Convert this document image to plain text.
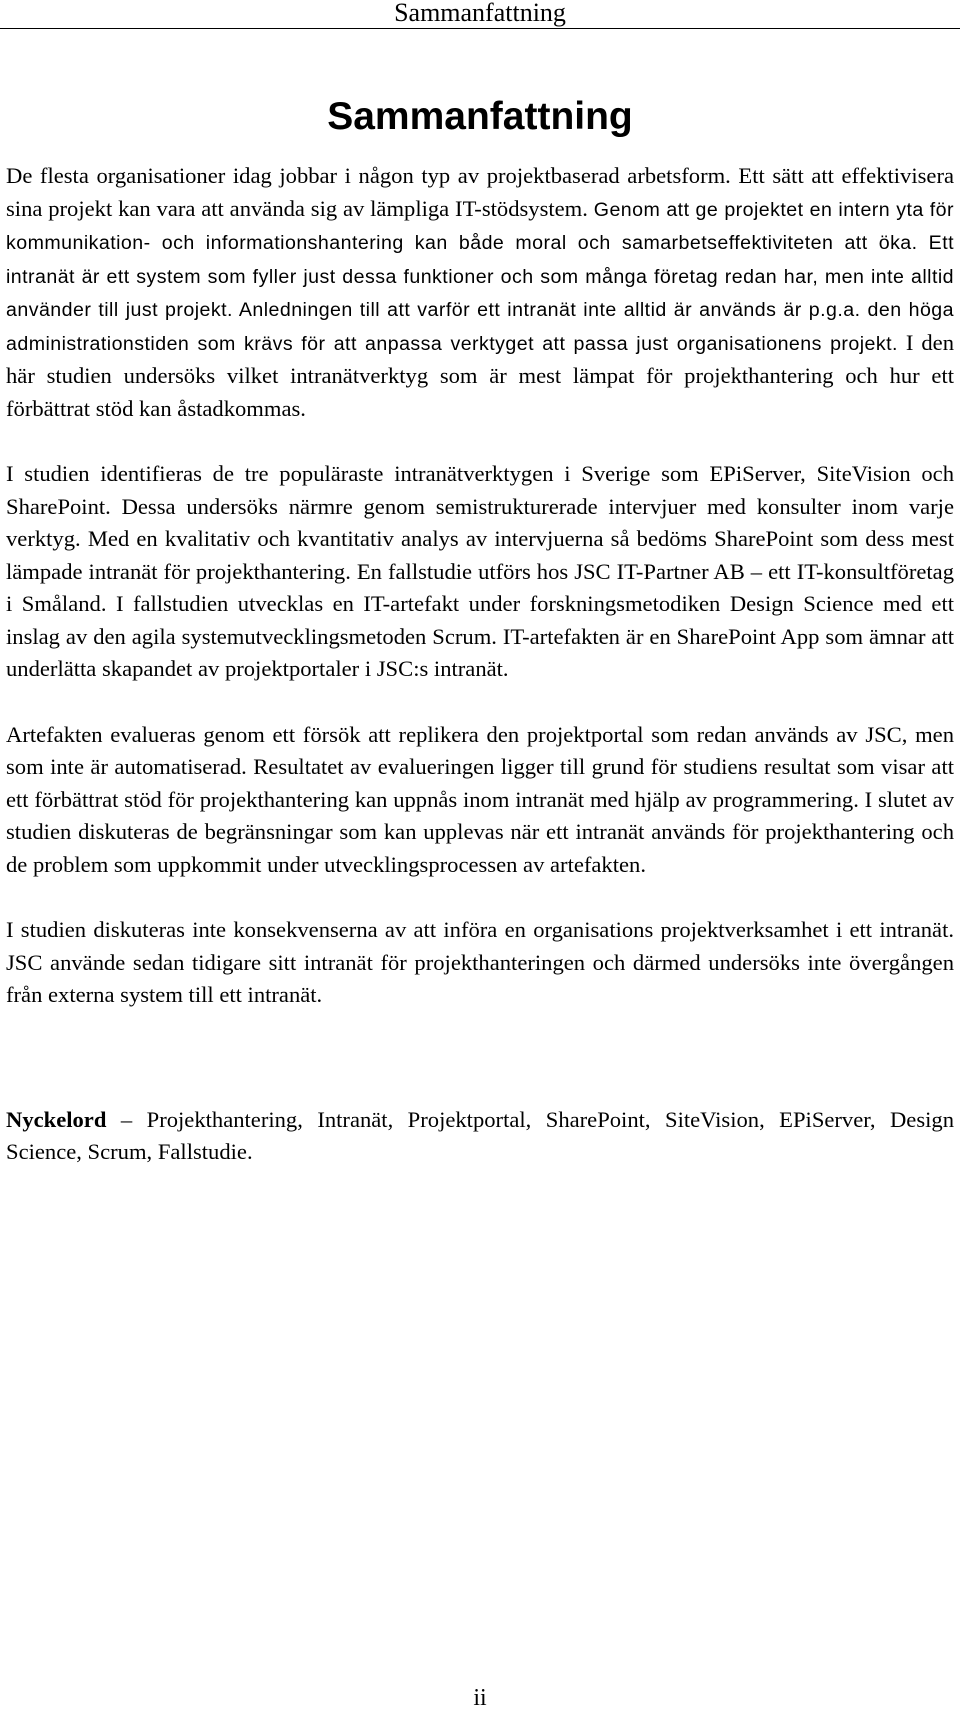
Sammanfattning
Sammanfattning

De flesta organisationer idag jobbar i någon typ av projektbaserad arbetsform. Ett sätt att effektivisera sina projekt kan vara att använda sig av lämpliga IT-stödsystem. Genom att ge projektet en intern yta för kommunikation- och informationshantering kan både moral och samarbetseffektiviteten att öka. Ett intranät är ett system som fyller just dessa funktioner och som många företag redan har, men inte alltid använder till just projekt. Anledningen till att varför ett intranät inte alltid är används är p.g.a. den höga administrationstiden som krävs för att anpassa verktyget att passa just organisationens projekt. I den här studien undersöks vilket intranätverktyg som är mest lämpat för projekthantering och hur ett förbättrat stöd kan åstadkommas.

I studien identifieras de tre populäraste intranätverktygen i Sverige som EPiServer, SiteVision och SharePoint. Dessa undersöks närmre genom semistrukturerade intervjuer med konsulter inom varje verktyg. Med en kvalitativ och kvantitativ analys av intervjuerna så bedöms SharePoint som dess mest lämpade intranät för projekthantering. En fallstudie utförs hos JSC IT-Partner AB – ett IT-konsultföretag i Småland. I fallstudien utvecklas en IT-artefakt under forskningsmetodiken Design Science med ett inslag av den agila systemutvecklingsmetoden Scrum. IT-artefakten är en SharePoint App som ämnar att underlätta skapandet av projektportaler i JSC:s intranät.

Artefakten evalueras genom ett försök att replikera den projektportal som redan används av JSC, men som inte är automatiserad. Resultatet av evalueringen ligger till grund för studiens resultat som visar att ett förbättrat stöd för projekthantering kan uppnås inom intranät med hjälp av programmering. I slutet av studien diskuteras de begränsningar som kan upplevas när ett intranät används för projekthantering och de problem som uppkommit under utvecklingsprocessen av artefakten.

I studien diskuteras inte konsekvenserna av att införa en organisations projektverksamhet i ett intranät. JSC använde sedan tidigare sitt intranät för projekthanteringen och därmed undersöks inte övergången från externa system till ett intranät.

Nyckelord – Projekthantering, Intranät, Projektportal, SharePoint, SiteVision, EPiServer, Design Science, Scrum, Fallstudie.

ii
